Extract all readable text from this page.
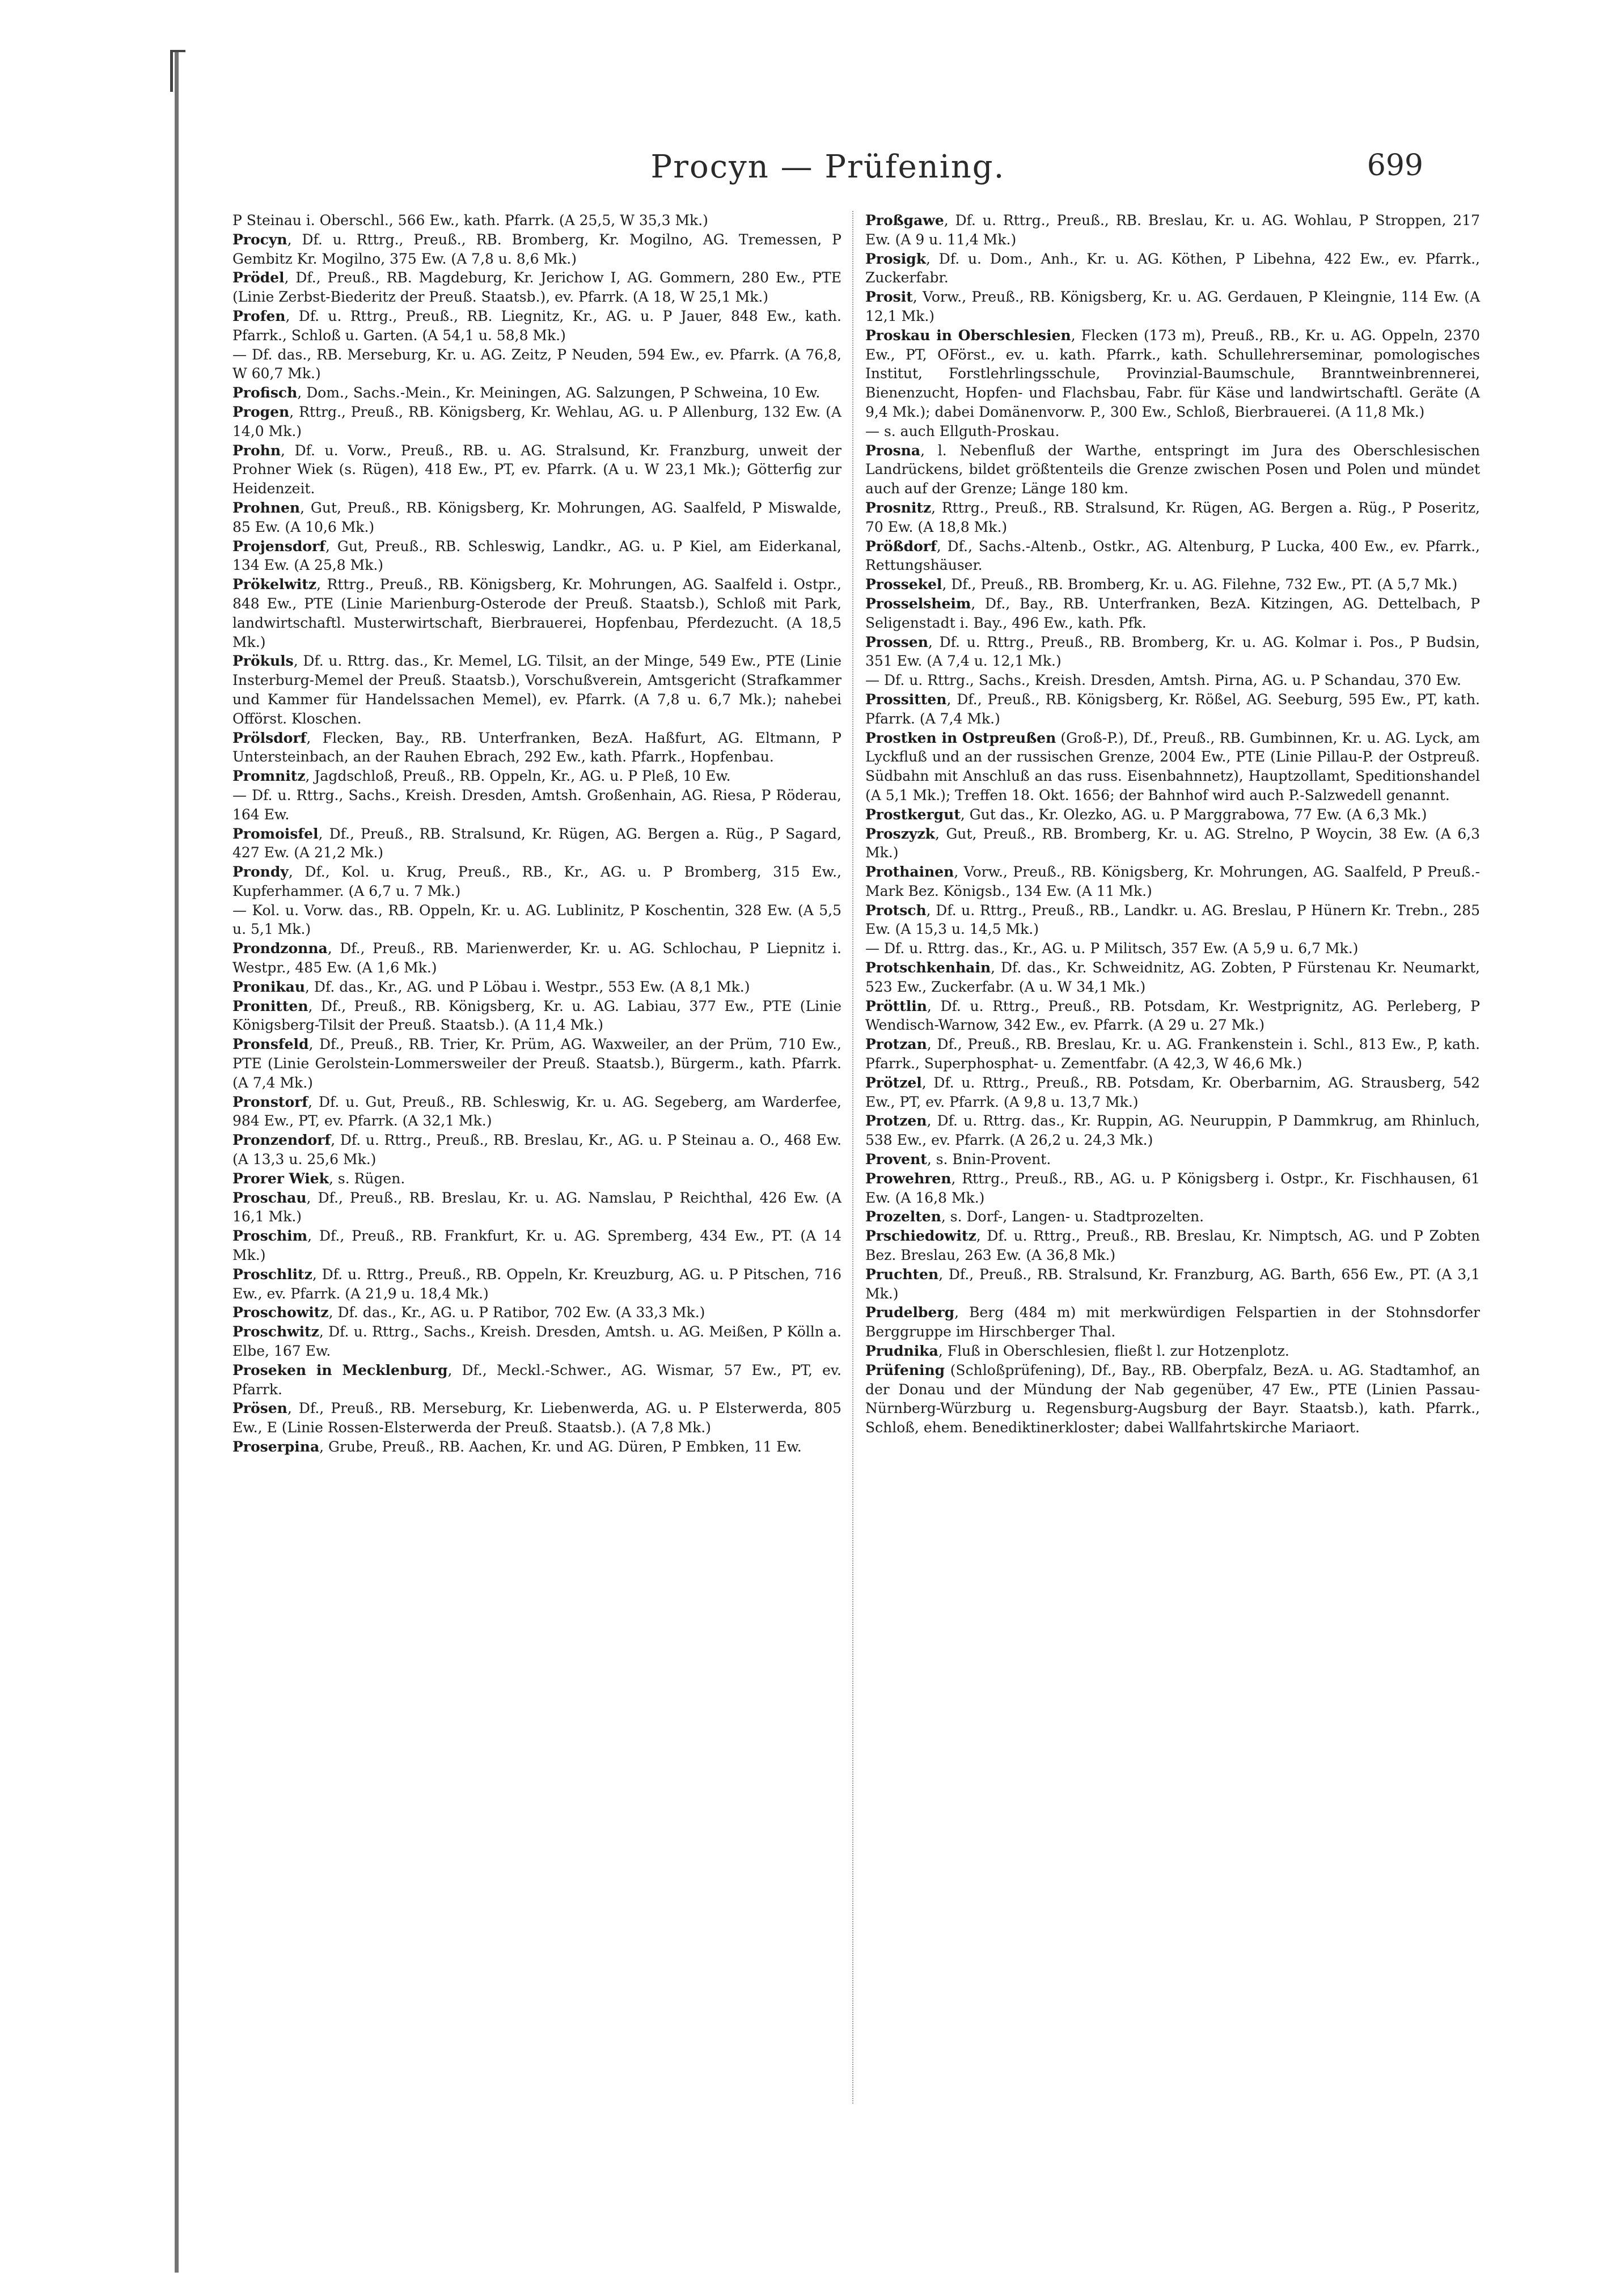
Procyn — Prüfening.	699

P Steinau i. Oberschl., 566 Ew., kath. Pfarrk. (A 25,5, W 35,3 Mk.)

Procyn, Df. u. Rttrg., Preuß., RB. Bromberg, Kr. Mogilno, AG. Tremessen, P Gembitz Kr. Mogilno, 375 Ew. (A 7,8 u. 8,6 Mk.)

Prödel, Df., Preuß., RB. Magdeburg, Kr. Jerichow I, AG. Gommern, 280 Ew., PTE (Linie Zerbst-Biederitz der Preuß. Staatsb.), ev. Pfarrk. (A 18, W 25,1 Mk.)

Profen, Df. u. Rttrg., Preuß., RB. Liegnitz, Kr., AG. u. P Jauer, 848 Ew., kath. Pfarrk., Schloß u. Garten. (A 54,1 u. 58,8 Mk.)

— Df. das., RB. Merseburg, Kr. u. AG. Zeitz, P Neuden, 594 Ew., ev. Pfarrk. (A 76,8, W 60,7 Mk.)

Profisch, Dom., Sachs.-Mein., Kr. Meiningen, AG. Salzungen, P Schweina, 10 Ew.

Progen, Rttrg., Preuß., RB. Königsberg, Kr. Wehlau, AG. u. P Allenburg, 132 Ew. (A 14,0 Mk.)

Prohn, Df. u. Vorw., Preuß., RB. u. AG. Stralsund, Kr. Franzburg, unweit der Prohner Wiek (s. Rügen), 418 Ew., PT, ev. Pfarrk. (A u. W 23,1 Mk.); Götterfig zur Heidenzeit.

Prohnen, Gut, Preuß., RB. Königsberg, Kr. Mohrungen, AG. Saalfeld, P Miswalde, 85 Ew. (A 10,6 Mk.)

Projensdorf, Gut, Preuß., RB. Schleswig, Landkr., AG. u. P Kiel, am Eiderkanal, 134 Ew. (A 25,8 Mk.)

Prökelwitz, Rttrg., Preuß., RB. Königsberg, Kr. Mohrungen, AG. Saalfeld i. Ostpr., 848 Ew., PTE (Linie Marienburg-Osterode der Preuß. Staatsb.), Schloß mit Park, landwirtschaftl. Musterwirtschaft, Bierbrauerei, Hopfenbau, Pferdezucht. (A 18,5 Mk.)

Prökuls, Df. u. Rttrg. das., Kr. Memel, LG. Tilsit, an der Minge, 549 Ew., PTE (Linie Insterburg-Memel der Preuß. Staatsb.), Vorschußverein, Amtsgericht (Strafkammer und Kammer für Handelssachen Memel), ev. Pfarrk. (A 7,8 u. 6,7 Mk.); nahebei Offörst. Kloschen.

Prölsdorf, Flecken, Bay., RB. Unterfranken, BezA. Haßfurt, AG. Eltmann, P Untersteinbach, an der Rauhen Ebrach, 292 Ew., kath. Pfarrk., Hopfenbau.

Promnitz, Jagdschloß, Preuß., RB. Oppeln, Kr., AG. u. P Pleß, 10 Ew.

— Df. u. Rttrg., Sachs., Kreish. Dresden, Amtsh. Großenhain, AG. Riesa, P Röderau, 164 Ew.

Promoisfel, Df., Preuß., RB. Stralsund, Kr. Rügen, AG. Bergen a. Rüg., P Sagard, 427 Ew. (A 21,2 Mk.)

Prondy, Df., Kol. u. Krug, Preuß., RB., Kr., AG. u. P Bromberg, 315 Ew., Kupferhammer. (A 6,7 u. 7 Mk.)

— Kol. u. Vorw. das., RB. Oppeln, Kr. u. AG. Lublinitz, P Koschentin, 328 Ew. (A 5,5 u. 5,1 Mk.)

Prondzonna, Df., Preuß., RB. Marienwerder, Kr. u. AG. Schlochau, P Liepnitz i. Westpr., 485 Ew. (A 1,6 Mk.)

Pronikau, Df. das., Kr., AG. und P Löbau i. Westpr., 553 Ew. (A 8,1 Mk.)

Pronitten, Df., Preuß., RB. Königsberg, Kr. u. AG. Labiau, 377 Ew., PTE (Linie Königsberg-Tilsit der Preuß. Staatsb.). (A 11,4 Mk.)

Pronsfeld, Df., Preuß., RB. Trier, Kr. Prüm, AG. Waxweiler, an der Prüm, 710 Ew., PTE (Linie Gerolstein-Lommersweiler der Preuß. Staatsb.), Bürgerm., kath. Pfarrk. (A 7,4 Mk.)

Pronstorf, Df. u. Gut, Preuß., RB. Schleswig, Kr. u. AG. Segeberg, am Warderfee, 984 Ew., PT, ev. Pfarrk. (A 32,1 Mk.)

Pronzendorf, Df. u. Rttrg., Preuß., RB. Breslau, Kr., AG. u. P Steinau a. O., 468 Ew. (A 13,3 u. 25,6 Mk.)

Prorer Wiek, s. Rügen.

Proschau, Df., Preuß., RB. Breslau, Kr. u. AG. Namslau, P Reichthal, 426 Ew. (A 16,1 Mk.)

Proschim, Df., Preuß., RB. Frankfurt, Kr. u. AG. Spremberg, 434 Ew., PT. (A 14 Mk.)

Proschlitz, Df. u. Rttrg., Preuß., RB. Oppeln, Kr. Kreuzburg, AG. u. P Pitschen, 716 Ew., ev. Pfarrk. (A 21,9 u. 18,4 Mk.)

Proschowitz, Df. das., Kr., AG. u. P Ratibor, 702 Ew. (A 33,3 Mk.)

Proschwitz, Df. u. Rttrg., Sachs., Kreish. Dresden, Amtsh. u. AG. Meißen, P Kölln a. Elbe, 167 Ew.

Proseken in Mecklenburg, Df., Meckl.-Schwer., AG. Wismar, 57 Ew., PT, ev. Pfarrk.

Prösen, Df., Preuß., RB. Merseburg, Kr. Liebenwerda, AG. u. P Elsterwerda, 805 Ew., E (Linie Rossen-Elsterwerda der Preuß. Staatsb.). (A 7,8 Mk.)

Proserpina, Grube, Preuß., RB. Aachen, Kr. und AG. Düren, P Embken, 11 Ew.

Proßgawe, Df. u. Rttrg., Preuß., RB. Breslau, Kr. u. AG. Wohlau, P Stroppen, 217 Ew. (A 9 u. 11,4 Mk.)

Prosigk, Df. u. Dom., Anh., Kr. u. AG. Köthen, P Libehna, 422 Ew., ev. Pfarrk., Zuckerfabr.

Prosit, Vorw., Preuß., RB. Königsberg, Kr. u. AG. Gerdauen, P Kleingnie, 114 Ew. (A 12,1 Mk.)

Proskau in Oberschlesien, Flecken (173 m), Preuß., RB., Kr. u. AG. Oppeln, 2370 Ew., PT, OFörst., ev. u. kath. Pfarrk., kath. Schullehrerseminar, pomologisches Institut, Forstlehrlingsschule, Provinzial-Baumschule, Branntweinbrennerei, Bienenzucht, Hopfen- und Flachsbau, Fabr. für Käse und landwirtschaftl. Geräte (A 9,4 Mk.); dabei Domänenvorw. P., 300 Ew., Schloß, Bierbrauerei. (A 11,8 Mk.)

— s. auch Ellguth-Proskau.

Prosna, l. Nebenfluß der Warthe, entspringt im Jura des Oberschlesischen Landrückens, bildet größtenteils die Grenze zwischen Posen und Polen und mündet auch auf der Grenze; Länge 180 km.

Prosnitz, Rttrg., Preuß., RB. Stralsund, Kr. Rügen, AG. Bergen a. Rüg., P Poseritz, 70 Ew. (A 18,8 Mk.)

Prößdorf, Df., Sachs.-Altenb., Ostkr., AG. Altenburg, P Lucka, 400 Ew., ev. Pfarrk., Rettungshäuser.

Prossekel, Df., Preuß., RB. Bromberg, Kr. u. AG. Filehne, 732 Ew., PT. (A 5,7 Mk.)

Prosselsheim, Df., Bay., RB. Unterfranken, BezA. Kitzingen, AG. Dettelbach, P Seligenstadt i. Bay., 496 Ew., kath. Pfk.

Prossen, Df. u. Rttrg., Preuß., RB. Bromberg, Kr. u. AG. Kolmar i. Pos., P Budsin, 351 Ew. (A 7,4 u. 12,1 Mk.)

— Df. u. Rttrg., Sachs., Kreish. Dresden, Amtsh. Pirna, AG. u. P Schandau, 370 Ew.

Prossitten, Df., Preuß., RB. Königsberg, Kr. Rößel, AG. Seeburg, 595 Ew., PT, kath. Pfarrk. (A 7,4 Mk.)

Prostken in Ostpreußen (Groß-P.), Df., Preuß., RB. Gumbinnen, Kr. u. AG. Lyck, am Lyckfluß und an der russischen Grenze, 2004 Ew., PTE (Linie Pillau-P. der Ostpreuß. Südbahn mit Anschluß an das russ. Eisenbahnnetz), Hauptzollamt, Speditionshandel (A 5,1 Mk.); Treffen 18. Okt. 1656; der Bahnhof wird auch P.-Salzwedell genannt.

Prostkergut, Gut das., Kr. Olezko, AG. u. P Marggrabowa, 77 Ew. (A 6,3 Mk.)

Proszyzk, Gut, Preuß., RB. Bromberg, Kr. u. AG. Strelno, P Woycin, 38 Ew. (A 6,3 Mk.)

Prothainen, Vorw., Preuß., RB. Königsberg, Kr. Mohrungen, AG. Saalfeld, P Preuß.-Mark Bez. Königsb., 134 Ew. (A 11 Mk.)

Protsch, Df. u. Rttrg., Preuß., RB., Landkr. u. AG. Breslau, P Hünern Kr. Trebn., 285 Ew. (A 15,3 u. 14,5 Mk.)

— Df. u. Rttrg. das., Kr., AG. u. P Militsch, 357 Ew. (A 5,9 u. 6,7 Mk.)

Protschkenhain, Df. das., Kr. Schweidnitz, AG. Zobten, P Fürstenau Kr. Neumarkt, 523 Ew., Zuckerfabr. (A u. W 34,1 Mk.)

Pröttlin, Df. u. Rttrg., Preuß., RB. Potsdam, Kr. Westprignitz, AG. Perleberg, P Wendisch-Warnow, 342 Ew., ev. Pfarrk. (A 29 u. 27 Mk.)

Protzan, Df., Preuß., RB. Breslau, Kr. u. AG. Frankenstein i. Schl., 813 Ew., P, kath. Pfarrk., Superphosphat- u. Zementfabr. (A 42,3, W 46,6 Mk.)

Prötzel, Df. u. Rttrg., Preuß., RB. Potsdam, Kr. Oberbarnim, AG. Strausberg, 542 Ew., PT, ev. Pfarrk. (A 9,8 u. 13,7 Mk.)

Protzen, Df. u. Rttrg. das., Kr. Ruppin, AG. Neuruppin, P Dammkrug, am Rhinluch, 538 Ew., ev. Pfarrk. (A 26,2 u. 24,3 Mk.)

Provent, s. Bnin-Provent.

Prowehren, Rttrg., Preuß., RB., AG. u. P Königsberg i. Ostpr., Kr. Fischhausen, 61 Ew. (A 16,8 Mk.)

Prozelten, s. Dorf-, Langen- u. Stadtprozelten.

Prschiedowitz, Df. u. Rttrg., Preuß., RB. Breslau, Kr. Nimptsch, AG. und P Zobten Bez. Breslau, 263 Ew. (A 36,8 Mk.)

Pruchten, Df., Preuß., RB. Stralsund, Kr. Franzburg, AG. Barth, 656 Ew., PT. (A 3,1 Mk.)

Prudelberg, Berg (484 m) mit merkwürdigen Felspartien in der Stohnsdorfer Berggruppe im Hirschberger Thal.

Prudnika, Fluß in Oberschlesien, fließt l. zur Hotzenplotz.

Prüfening (Schloßprüfening), Df., Bay., RB. Oberpfalz, BezA. u. AG. Stadtamhof, an der Donau und der Mündung der Nab gegenüber, 47 Ew., PTE (Linien Passau-Nürnberg-Würzburg u. Regensburg-Augsburg der Bayr. Staatsb.), kath. Pfarrk., Schloß, ehem. Benediktinerkloster; dabei Wallfahrtskirche Mariaort.
